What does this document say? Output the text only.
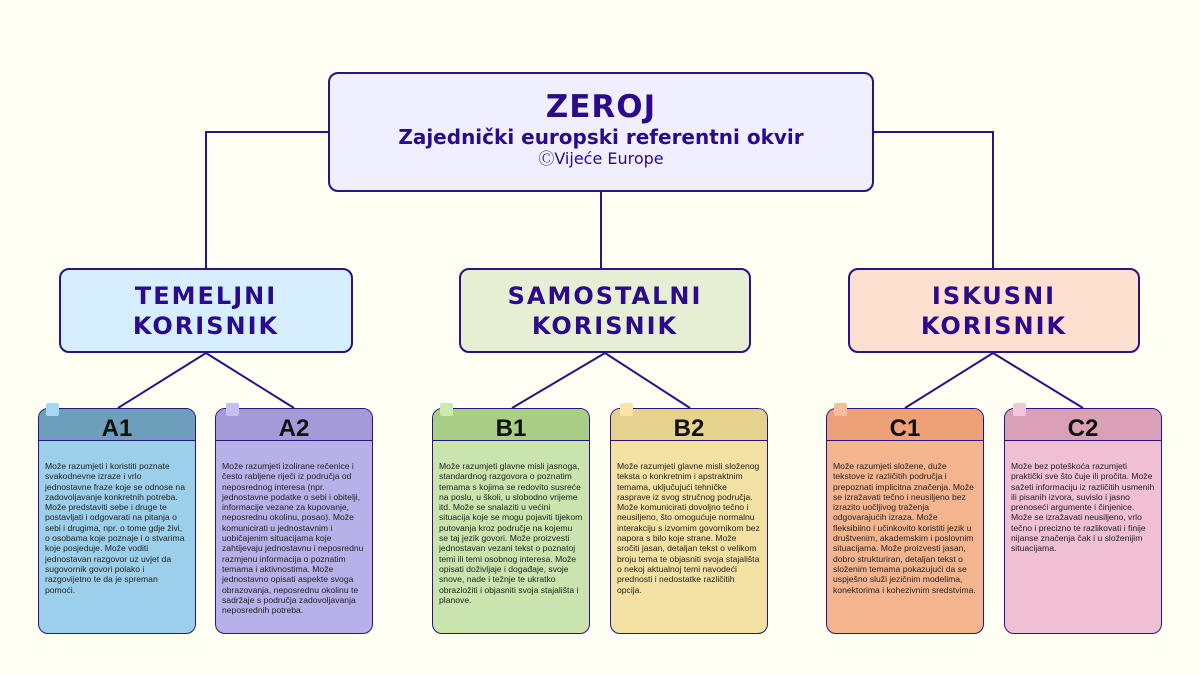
ZEROJ
Zajednički europski referentni okvir
ⒸVijeće Europe
TEMELJNI KORISNIK
SAMOSTALNI KORISNIK
ISKUSNI KORISNIK
A1
Može razumjeti i koristiti poznate svakodnevne izraze i vrlo jednostavne fraze koje se odnose na zadovoljavanje konkretnih potreba. Može predstaviti sebe i druge te postavljati i odgovarati na pitanja o sebi i drugima, npr. o tome gdje živi, o osobama koje poznaje i o stvarima koje posjeduje. Može voditi jednostavan razgovor uz uvjet da sugovornik govori polako i razgovijetno te da je spreman pomoći.
A2
Može razumjeti izolirane rečenice i često rabljene riječi iz područja od neposrednog interesa (npr. jednostavne podatke o sebi i obitelji, informacije vezane za kupovanje, neposrednu okolinu, posao). Može komunicirati u jednostavnim i uobičajenim situacijama koje zahtijevaju jednostavnu i neposrednu razmjenu informacija o poznatim temama i aktivnostima. Može jednostavno opisati aspekte svoga obrazovanja, neposrednu okolinu te sadržaje s područja zadovoljavanja neposrednih potreba.
B1
Može razumjeti glavne misli jasnoga, standardnog razgovora o poznatim temama s kojima se redovito susreće na poslu, u školi, u slobodno vrijeme itd. Može se snalaziti u većini situacija koje se mogu pojaviti tijekom putovanja kroz područje na kojemu se taj jezik govori. Može proizvesti jednostavan vezani tekst o poznatoj temi ili temi osobnog interesa. Može opisati doživljaje i događaje, svoje snove, nade i težnje te ukratko obrazložiti i objasniti svoja stajališta i planove.
B2
Može razumjeti glavne misli složenog teksta o konkretnim i apstraktnim temama, uključujući tehničke rasprave iz svog stručnog područja. Može komunicirati dovoljno tečno i neusiljeno, što omogućuje normalnu interakciju s izvornim govornikom bez napora s bilo koje strane. Može sročiti jasan, detaljan tekst o velikom broju tema te objasniti svoja stajališta o nekoj aktualnoj temi navodeći prednosti i nedostatke različitih opcija.
C1
Može razumjeti složene, duže tekstove iz različitih područja i prepoznati implicitna značenja. Može se izražavati tečno i neusiljeno bez izrazito uočljivog traženja odgovarajućih izraza. Može fleksibilno i učinkovito koristiti jezik u društvenim, akademskim i poslovnim situacijama. Može proizvesti jasan, dobro strukturiran, detaljan tekst o složenim temama pokazujući da se uspješno služi jezičnim modelima, konektorima i kohezivnim sredstvima.
C2
Može bez poteškoća razumjeti praktički sve što čuje ili pročita. Može sažeti informaciju iz različitih usmenih ili pisanih izvora, suvislo i jasno prenoseći argumente i činjenice. Može se izražavati neusiljeno, vrlo tečno i precizno te razlikovati i finije nijanse značenja čak i u složenijim situacijama.
